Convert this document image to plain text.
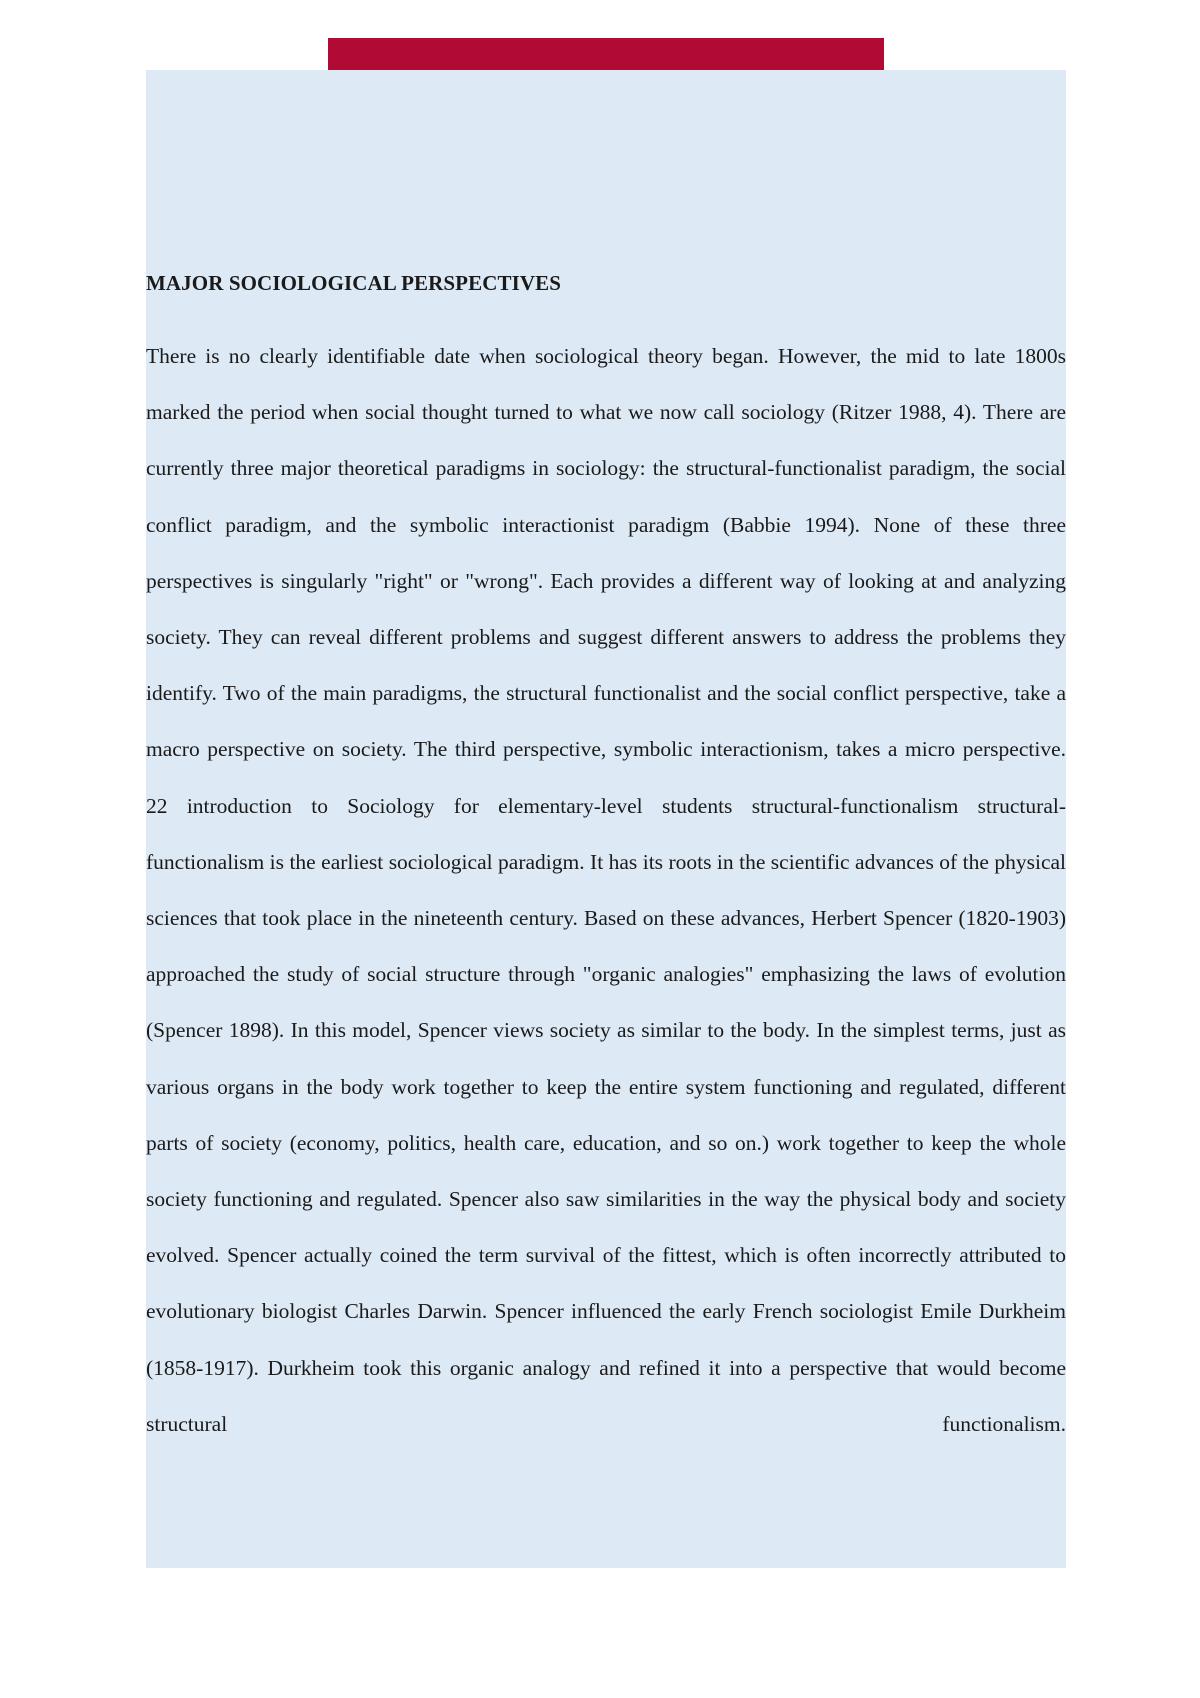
MAJOR SOCIOLOGICAL PERSPECTIVES

There is no clearly identifiable date when sociological theory began. However, the mid to late 1800s marked the period when social thought turned to what we now call sociology (Ritzer 1988, 4). There are currently three major theoretical paradigms in sociology: the structural-functionalist paradigm, the social conflict paradigm, and the symbolic interactionist paradigm (Babbie 1994). None of these three perspectives is singularly "right" or "wrong". Each provides a different way of looking at and analyzing society. They can reveal different problems and suggest different answers to address the problems they identify. Two of the main paradigms, the structural functionalist and the social conflict perspective, take a macro perspective on society. The third perspective, symbolic interactionism, takes a micro perspective. 22 introduction to Sociology for elementary-level students structural-functionalism structural-functionalism is the earliest sociological paradigm. It has its roots in the scientific advances of the physical sciences that took place in the nineteenth century. Based on these advances, Herbert Spencer (1820-1903) approached the study of social structure through "organic analogies" emphasizing the laws of evolution (Spencer 1898). In this model, Spencer views society as similar to the body. In the simplest terms, just as various organs in the body work together to keep the entire system functioning and regulated, different parts of society (economy, politics, health care, education, and so on.) work together to keep the whole society functioning and regulated. Spencer also saw similarities in the way the physical body and society evolved. Spencer actually coined the term survival of the fittest, which is often incorrectly attributed to evolutionary biologist Charles Darwin. Spencer influenced the early French sociologist Emile Durkheim (1858-1917). Durkheim took this organic analogy and refined it into a perspective that would become structural functionalism.
